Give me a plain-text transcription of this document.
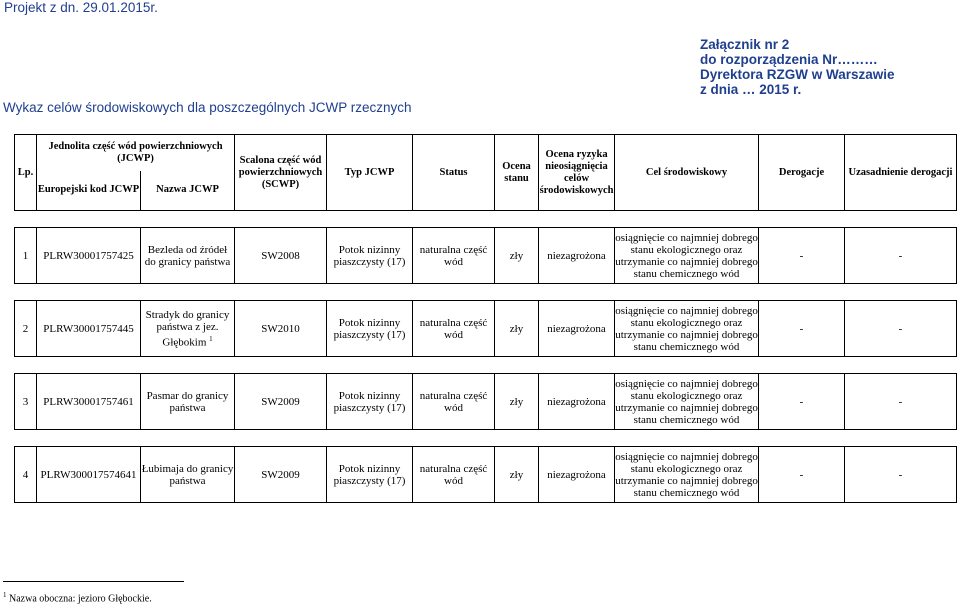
Projekt z dn. 29.01.2015r.
Załącznik nr 2
do rozporządzenia Nr………
Dyrektora RZGW w Warszawie
z dnia … 2015 r.
Wykaz celów środowiskowych dla poszczególnych JCWP rzecznych
Lp.	Jednolita część wód powierzchniowych (JCWP)		Scalona część wód powierzchniowych (SCWP)	Typ JCWP	Status	Ocena stanu	Ocena ryzyka nieosiągnięcia celów środowiskowych	Cel środowiskowy	Derogacje	Uzasadnienie derogacji
	Europejski kod JCWP	Nazwa JCWP								

1	PLRW30001757425	Bezleda od źródeł do granicy państwa	SW2008	Potok nizinny piaszczysty (17)	naturalna część wód	zły	niezagrożona	osiągnięcie co najmniej dobrego stanu ekologicznego oraz utrzymanie co najmniej dobrego stanu chemicznego wód	-	-

2	PLRW30001757445	Stradyk do granicy państwa z jez. Głębokim $^1$	SW2010	Potok nizinny piaszczysty (17)	naturalna część wód	zły	niezagrożona	osiągnięcie co najmniej dobrego stanu ekologicznego oraz utrzymanie co najmniej dobrego stanu chemicznego wód	-	-

3	PLRW30001757461	Pasmar do granicy państwa	SW2009	Potok nizinny piaszczysty (17)	naturalna część wód	zły	niezagrożona	osiągnięcie co najmniej dobrego stanu ekologicznego oraz utrzymanie co najmniej dobrego stanu chemicznego wód	-	-

4	PLRW300017574641	Łubimaja do granicy państwa	SW2009	Potok nizinny piaszczysty (17)	naturalna część wód	zły	niezagrożona	osiągnięcie co najmniej dobrego stanu ekologicznego oraz utrzymanie co najmniej dobrego stanu chemicznego wód	-	-
$^1$ Nazwa oboczna: jezioro Głębockie.
